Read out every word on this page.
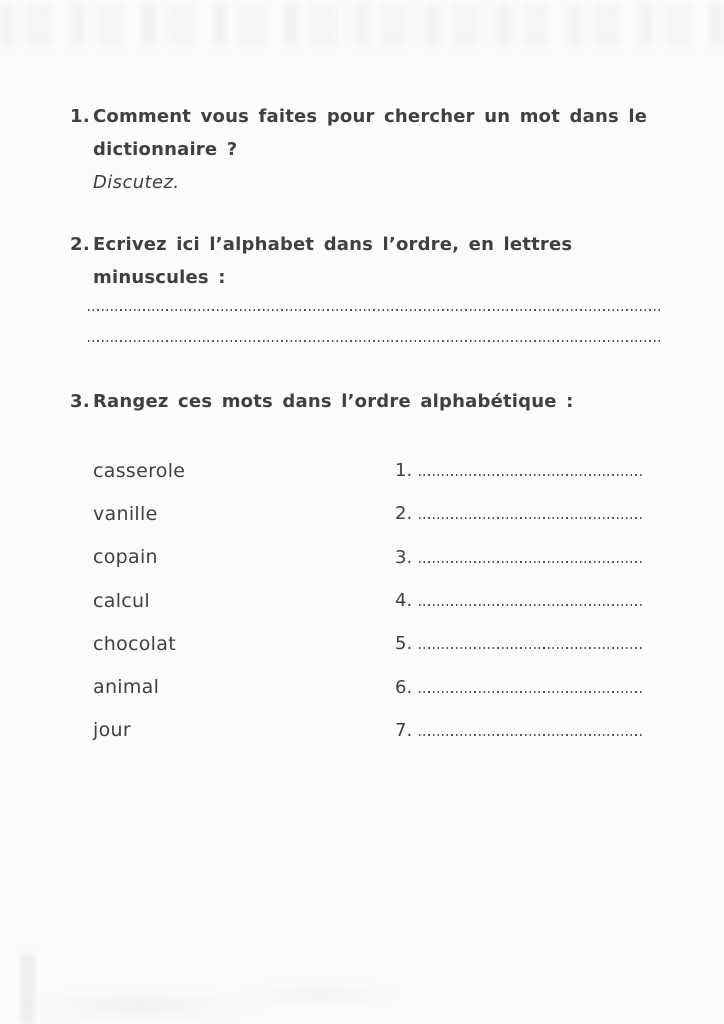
1. Comment vous faites pour chercher un mot dans le
dictionnaire ?
Discutez.
2. Ecrivez ici l’alphabet dans l’ordre, en lettres minuscules :
3. Rangez ces mots dans l’ordre alphabétique :
casserole	1.
vanille	2.
copain	3.
calcul	4.
chocolat	5.
animal	6.
jour	7.
